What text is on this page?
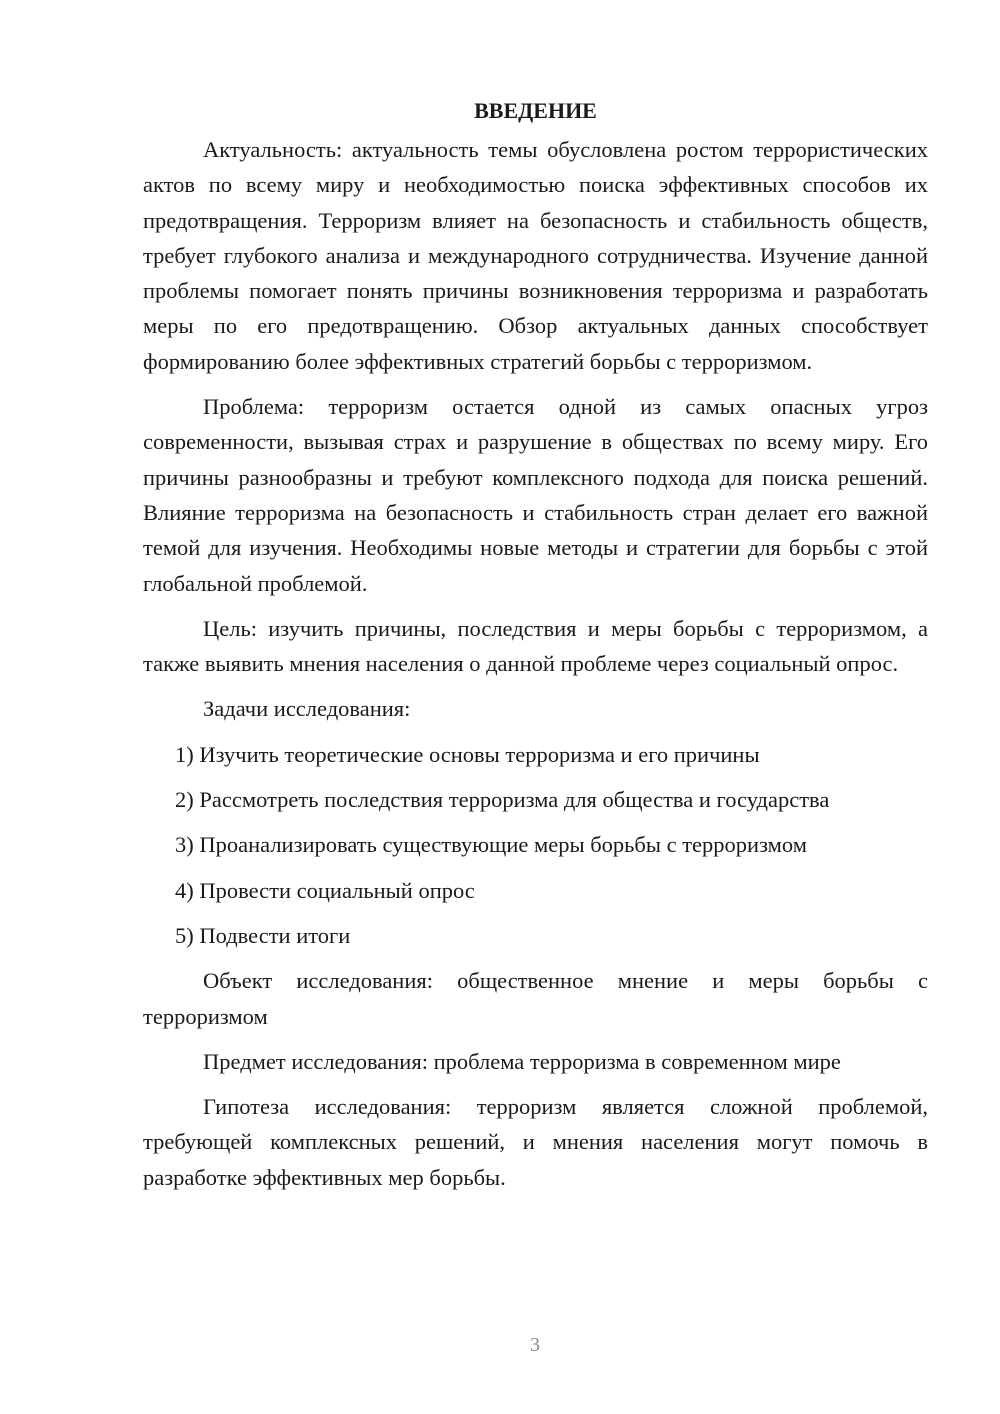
ВВЕДЕНИЕ

Актуальность: актуальность темы обусловлена ростом террористических актов по всему миру и необходимостью поиска эффективных способов их предотвращения. Терроризм влияет на безопасность и стабильность обществ, требует глубокого анализа и международного сотрудничества. Изучение данной проблемы помогает понять причины возникновения терроризма и разработать меры по его предотвращению. Обзор актуальных данных способствует формированию более эффективных стратегий борьбы с терроризмом.

Проблема: терроризм остается одной из самых опасных угроз современности, вызывая страх и разрушение в обществах по всему миру. Его причины разнообразны и требуют комплексного подхода для поиска решений. Влияние терроризма на безопасность и стабильность стран делает его важной темой для изучения. Необходимы новые методы и стратегии для борьбы с этой глобальной проблемой.

Цель: изучить причины, последствия и меры борьбы с терроризмом, а также выявить мнения населения о данной проблеме через социальный опрос.

Задачи исследования:

1) Изучить теоретические основы терроризма и его причины
2) Рассмотреть последствия терроризма для общества и государства
3) Проанализировать существующие меры борьбы с терроризмом
4) Провести социальный опрос
5) Подвести итоги

Объект исследования: общественное мнение и меры борьбы с терроризмом

Предмет исследования: проблема терроризма в современном мире

Гипотеза исследования: терроризм является сложной проблемой, требующей комплексных решений, и мнения населения могут помочь в разработке эффективных мер борьбы.

3
